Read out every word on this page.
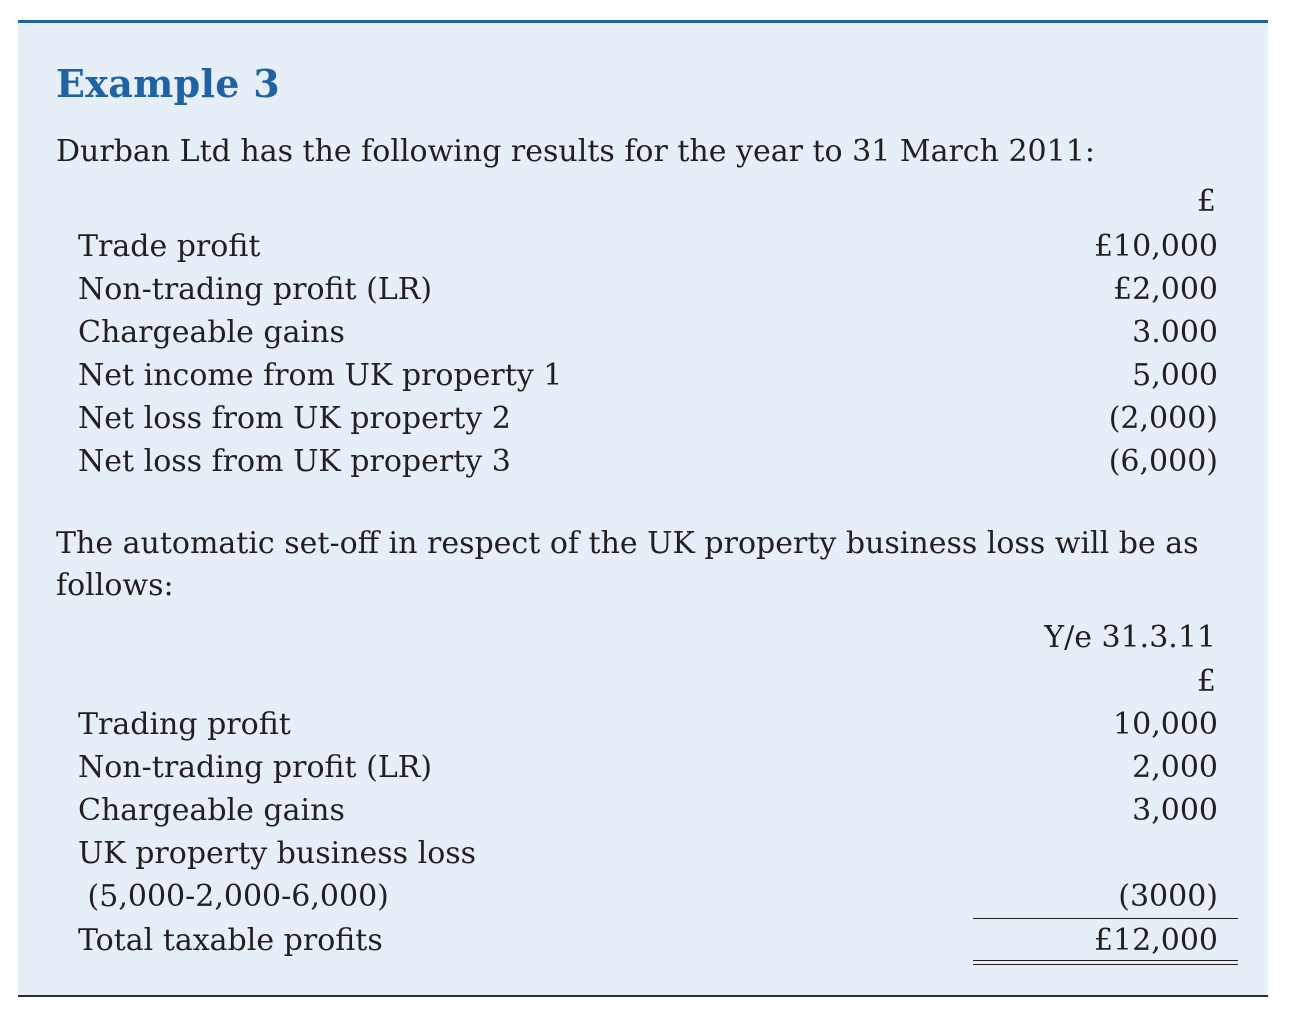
Example 3
Durban Ltd has the following results for the year to 31 March 2011:
£
Trade profit	£10,000
Non-trading profit (LR)	£2,000
Chargeable gains	3.000
Net income from UK property 1	5,000
Net loss from UK property 2	(2,000)
Net loss from UK property 3	(6,000)
The automatic set-off in respect of the UK property business loss will be as follows:
Y/e 31.3.11
£
Trading profit	10,000
Non-trading profit (LR)	2,000
Chargeable gains	3,000
UK property business loss
(5,000-2,000-6,000)	(3000)
Total taxable profits	£12,000
